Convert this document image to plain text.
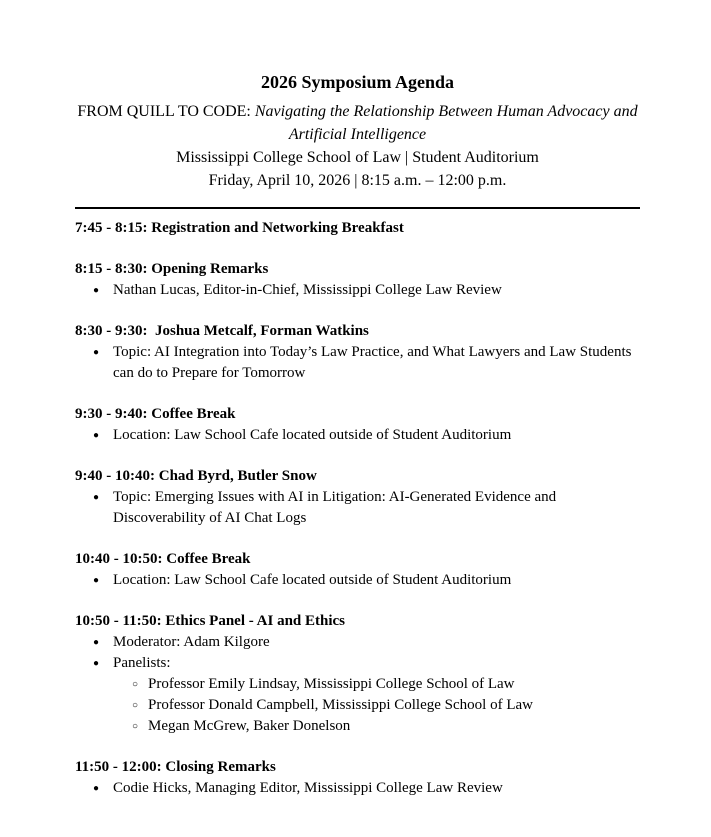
2026 Symposium Agenda
FROM QUILL TO CODE: Navigating the Relationship Between Human Advocacy and Artificial Intelligence
Mississippi College School of Law | Student Auditorium
Friday, April 10, 2026 | 8:15 a.m. – 12:00 p.m.
7:45 - 8:15: Registration and Networking Breakfast
8:15 - 8:30: Opening Remarks
● Nathan Lucas, Editor-in-Chief, Mississippi College Law Review
8:30 - 9:30:  Joshua Metcalf, Forman Watkins
● Topic: AI Integration into Today’s Law Practice, and What Lawyers and Law Students can do to Prepare for Tomorrow
9:30 - 9:40: Coffee Break
● Location: Law School Cafe located outside of Student Auditorium
9:40 - 10:40: Chad Byrd, Butler Snow
● Topic: Emerging Issues with AI in Litigation: AI-Generated Evidence and Discoverability of AI Chat Logs
10:40 - 10:50: Coffee Break
● Location: Law School Cafe located outside of Student Auditorium
10:50 - 11:50: Ethics Panel - AI and Ethics
● Moderator: Adam Kilgore
● Panelists:
○ Professor Emily Lindsay, Mississippi College School of Law
○ Professor Donald Campbell, Mississippi College School of Law
○ Megan McGrew, Baker Donelson
11:50 - 12:00: Closing Remarks
● Codie Hicks, Managing Editor, Mississippi College Law Review
